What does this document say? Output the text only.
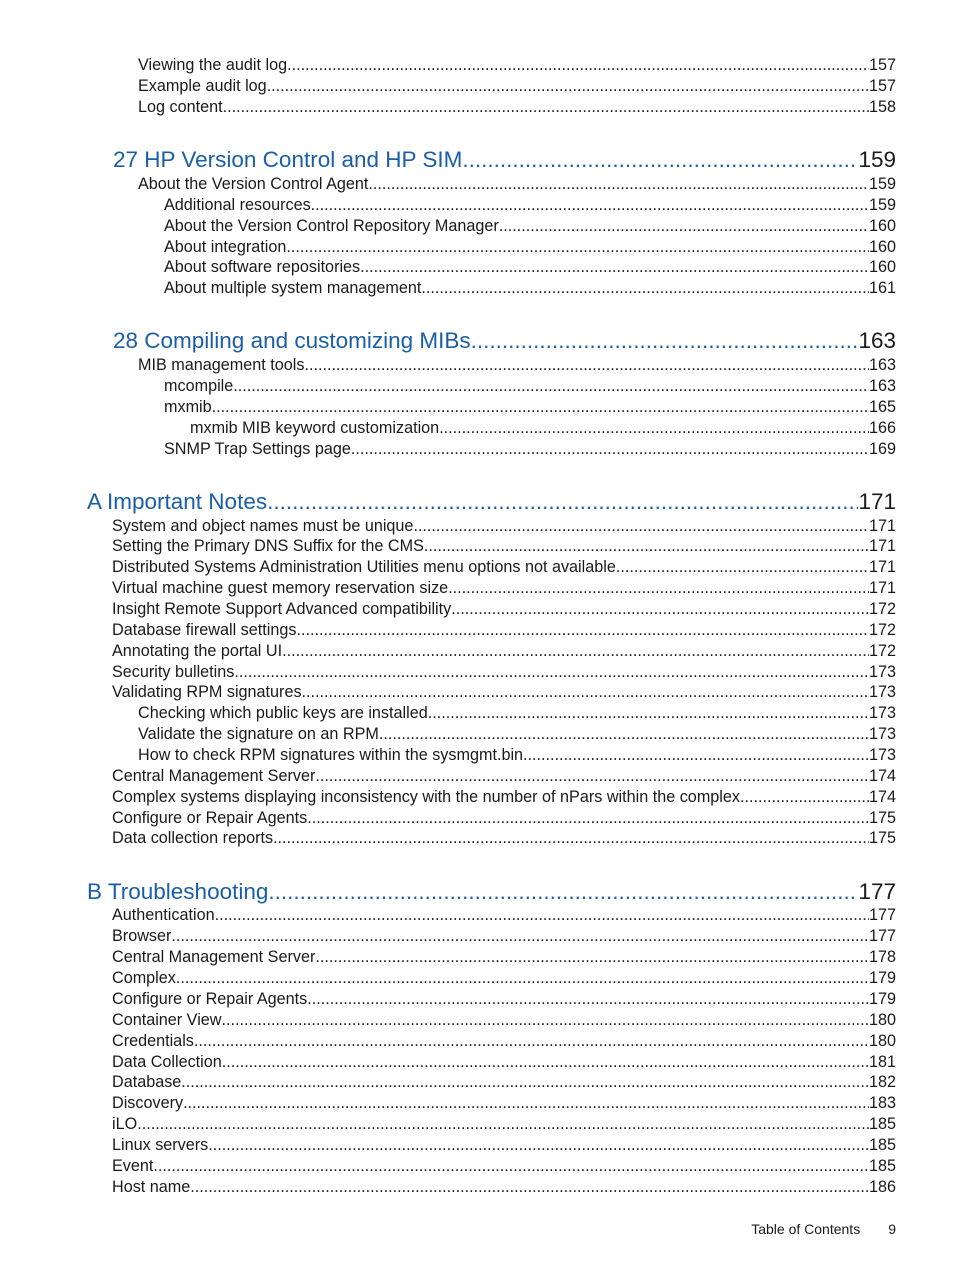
Viewing the audit log .....	157
Example audit log .....	157
Log content .....	158
27 HP Version Control and HP SIM .....	159
About the Version Control Agent .....	159
Additional resources .....	159
About the Version Control Repository Manager .....	160
About integration .....	160
About software repositories .....	160
About multiple system management .....	161
28 Compiling and customizing MIBs .....	163
MIB management tools .....	163
mcompile .....	163
mxmib .....	165
mxmib MIB keyword customization .....	166
SNMP Trap Settings page .....	169
A Important Notes .....	171
System and object names must be unique .....	171
Setting the Primary DNS Suffix for the CMS .....	171
Distributed Systems Administration Utilities menu options not available .....	171
Virtual machine guest memory reservation size .....	171
Insight Remote Support Advanced compatibility .....	172
Database firewall settings .....	172
Annotating the portal UI .....	172
Security bulletins .....	173
Validating RPM signatures .....	173
Checking which public keys are installed .....	173
Validate the signature on an RPM .....	173
How to check RPM signatures within the sysmgmt.bin .....	173
Central Management Server .....	174
Complex systems displaying inconsistency with the number of nPars within the complex .....	174
Configure or Repair Agents .....	175
Data collection reports .....	175
B Troubleshooting .....	177
Authentication .....	177
Browser .....	177
Central Management Server .....	178
Complex .....	179
Configure or Repair Agents .....	179
Container View .....	180
Credentials .....	180
Data Collection .....	181
Database .....	182
Discovery .....	183
iLO .....	185
Linux servers .....	185
Event .....	185
Host name .....	186
Table of Contents 9
